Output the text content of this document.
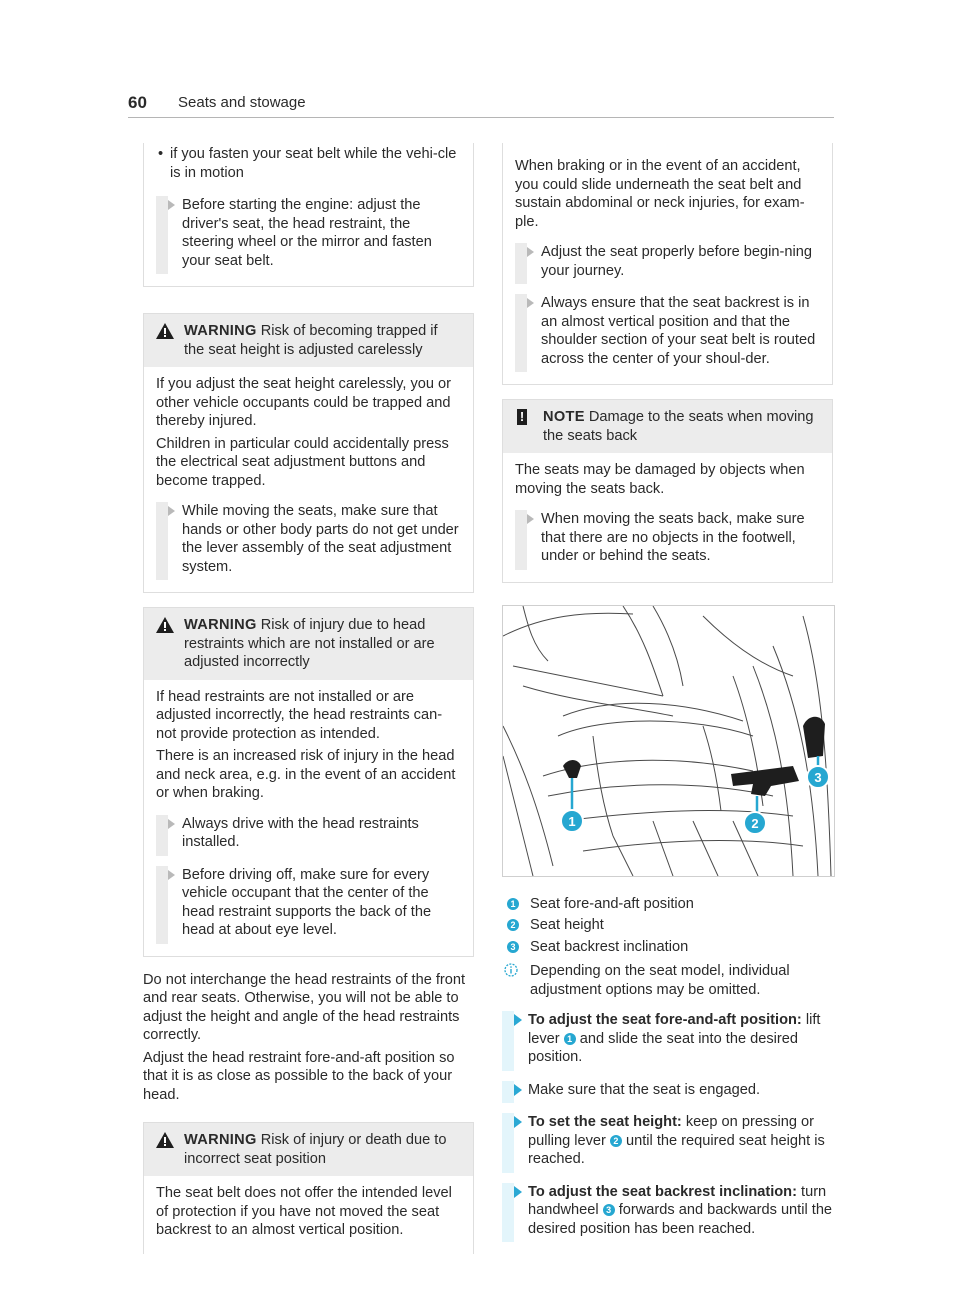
60 Seats and stowage
• if you fasten your seat belt while the vehi-cle is in motion
Before starting the engine: adjust the driver's seat, the head restraint, the steering wheel or the mirror and fasten your seat belt.
WARNING Risk of becoming trapped if the seat height is adjusted carelessly

If you adjust the seat height carelessly, you or other vehicle occupants could be trapped and thereby injured.

Children in particular could accidentally press the electrical seat adjustment buttons and become trapped.

While moving the seats, make sure that hands or other body parts do not get under the lever assembly of the seat adjustment system.
WARNING Risk of injury due to head restraints which are not installed or are adjusted incorrectly

If head restraints are not installed or are adjusted incorrectly, the head restraints can-not provide protection as intended.

There is an increased risk of injury in the head and neck area, e.g. in the event of an accident or when braking.

Always drive with the head restraints installed.
Before driving off, make sure for every vehicle occupant that the center of the head restraint supports the back of the head at about eye level.

Do not interchange the head restraints of the front and rear seats. Otherwise, you will not be able to adjust the height and angle of the head restraints correctly.

Adjust the head restraint fore-and-aft position so that it is as close as possible to the back of your head.

WARNING Risk of injury or death due to incorrect seat position

The seat belt does not offer the intended level of protection if you have not moved the seat backrest to an almost vertical position.

When braking or in the event of an accident, you could slide underneath the seat belt and sustain abdominal or neck injuries, for exam-ple.

Adjust the seat properly before begin-ning your journey.
Always ensure that the seat backrest is in an almost vertical position and that the shoulder section of your seat belt is routed across the center of your shoul-der.
! NOTE Damage to the seats when moving the seats back

The seats may be damaged by objects when moving the seats back.

When moving the seats back, make sure that there are no objects in the footwell, under or behind the seats.
1	2
3
1 Seat fore-and-aft position
2 Seat height
3 Seat backrest inclination
Depending on the seat model, individual adjustment options may be omitted.
To adjust the seat fore-and-aft position: lift lever 1 and slide the seat into the desired position.
Make sure that the seat is engaged.
To set the seat height: keep on pressing or pulling lever 2 until the required seat height is reached.
To adjust the seat backrest inclination: turn handwheel 3 forwards and backwards until the desired position has been reached.
